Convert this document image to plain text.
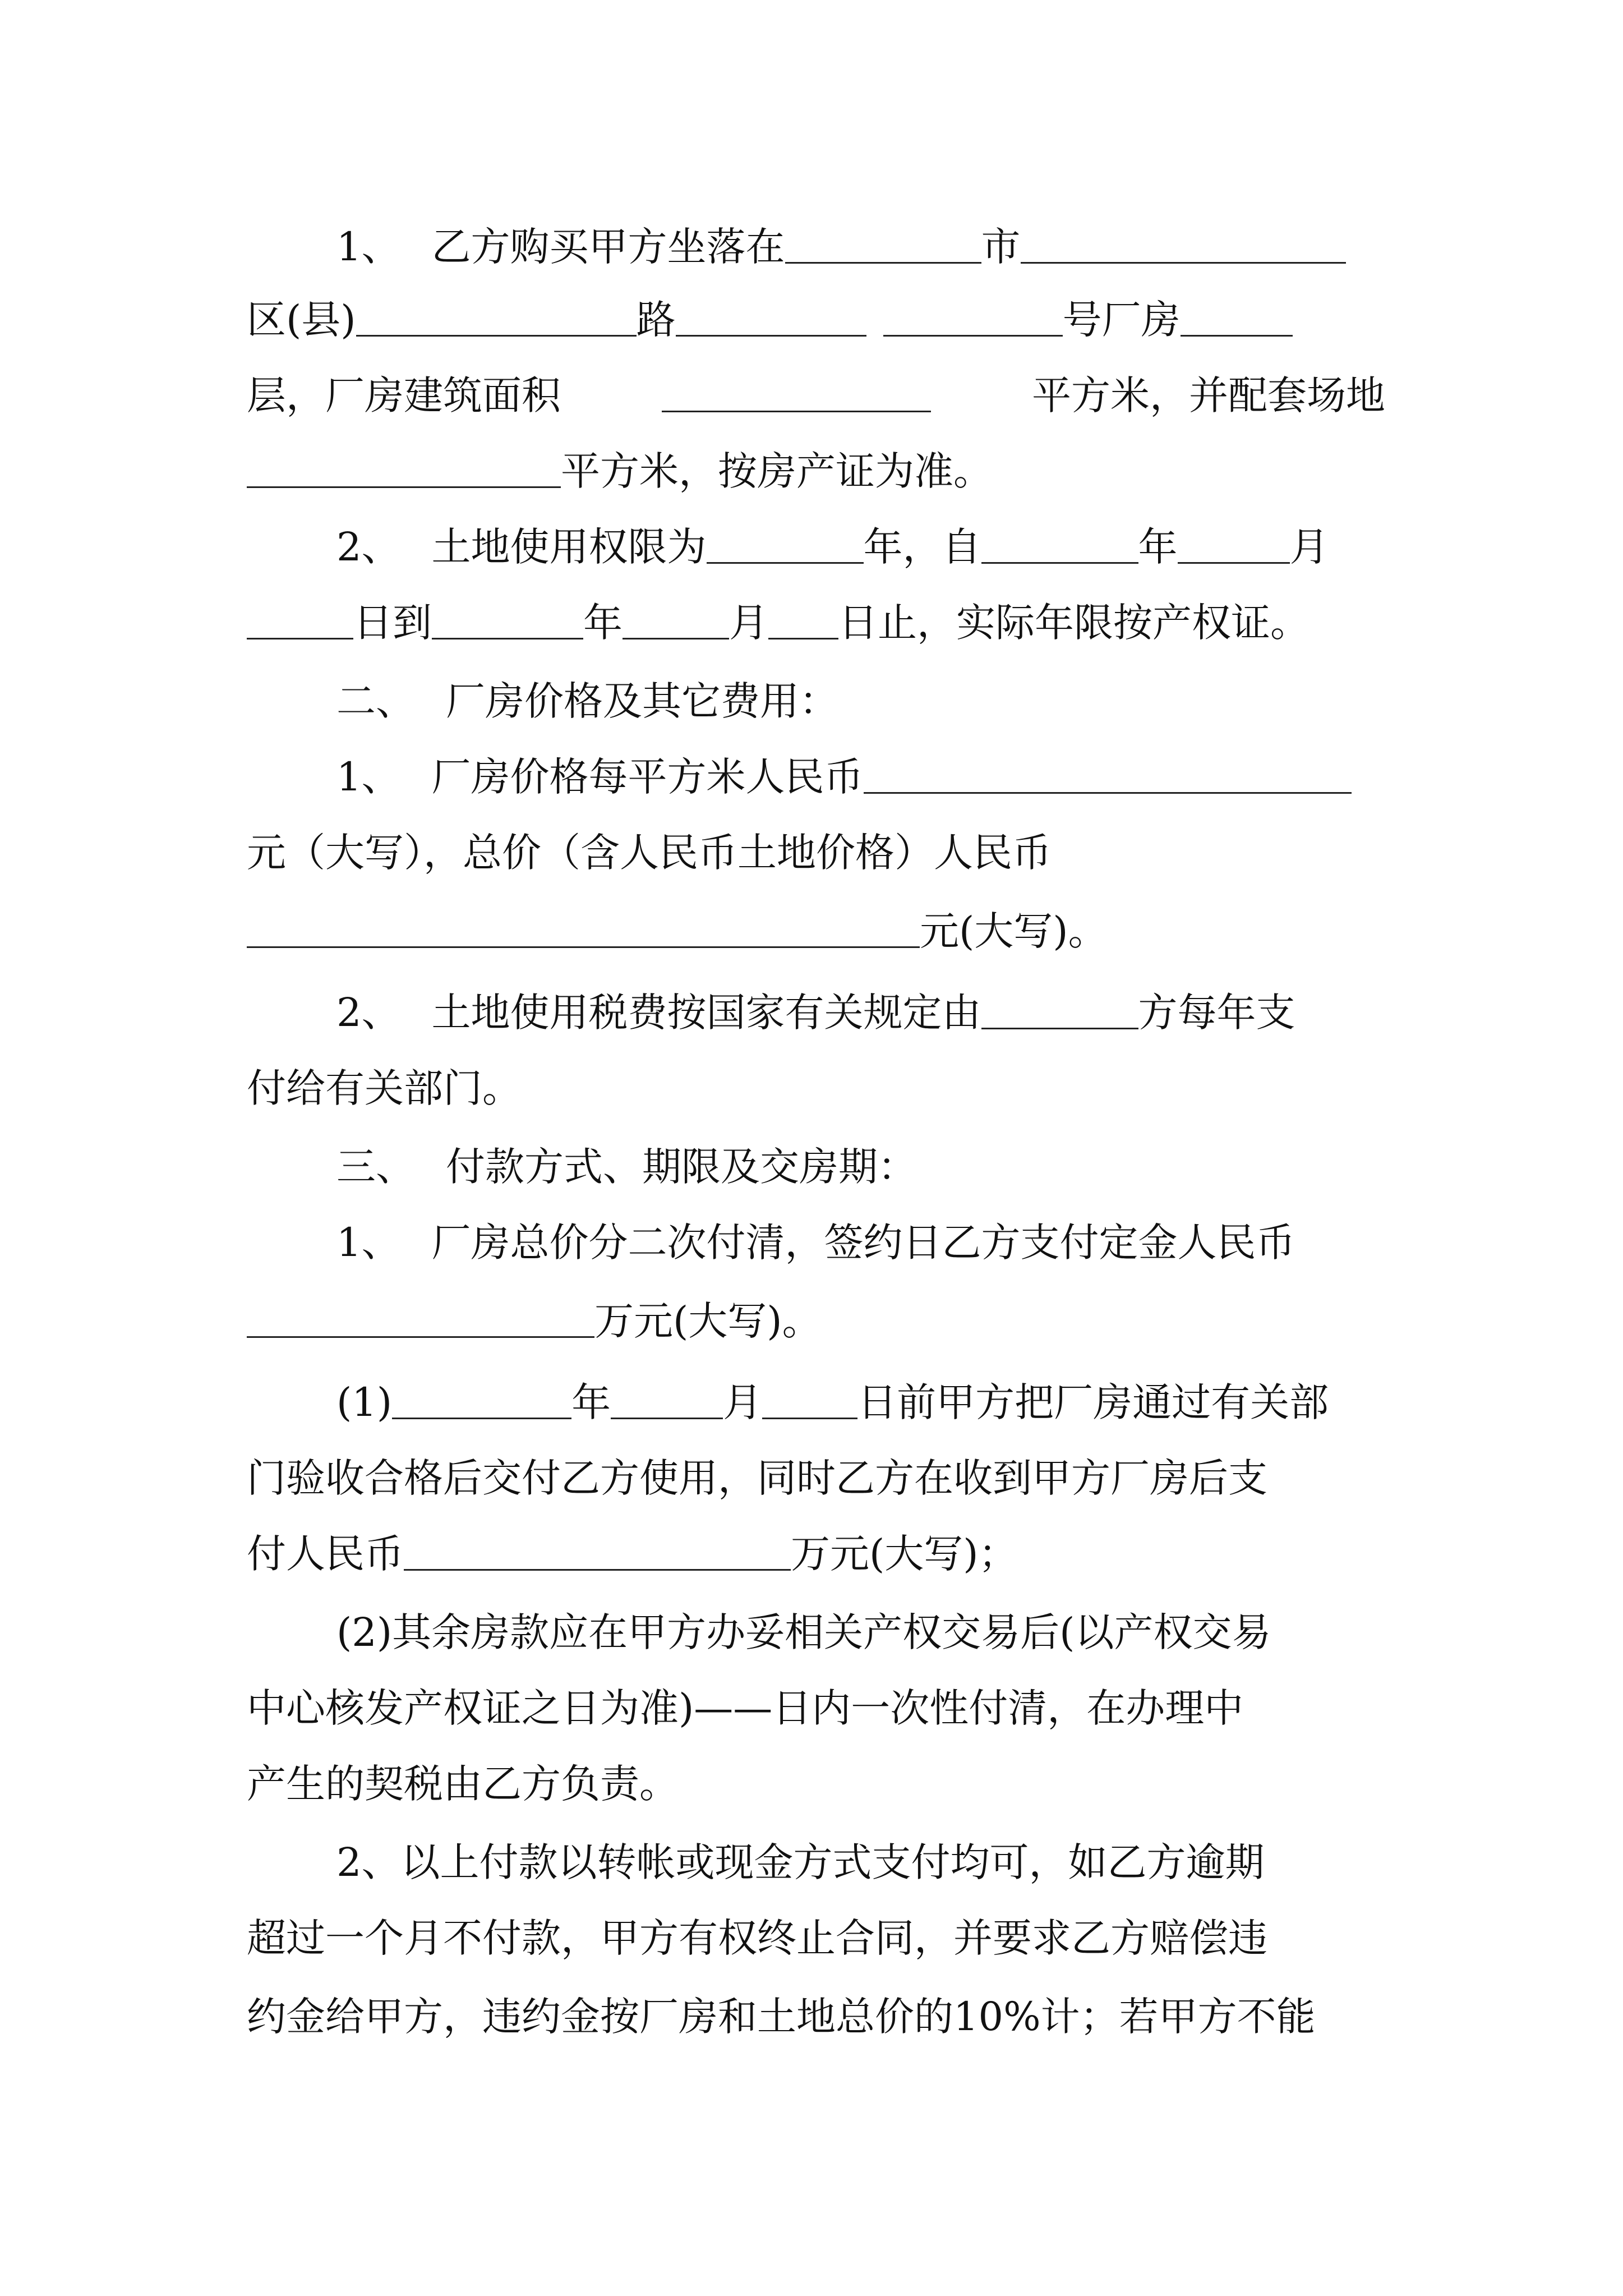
1、 乙方购买甲方坐落在	市
区(县)	路	号厂房
层，厂房建筑面积	平方米，并配套场地
平方米，按房产证为准。
2、 土地使用权限为	年，自	年	月
日到	年	月 日止，实际年限按产权证。
二、 厂房价格及其它费用：
1、 厂房价格每平方米人民币
元（大写），总价（含人民币土地价格）人民币
元(大写)。
2、 土地使用税费按国家有关规定由	方每年支
付给有关部门。
三、 付款方式、期限及交房期：
1、 厂房总价分二次付清，签约日乙方支付定金人民币
万元(大写)。
(1)	年	月 日前甲方把厂房通过有关部
门验收合格后交付乙方使用，同时乙方在收到甲方厂房后支
付人民币	万元(大写)；
(2)其余房款应在甲方办妥相关产权交易后(以产权交易
中心核发产权证之日为准)——日内一次性付清，在办理中
产生的契税由乙方负责。
2、以上付款以转帐或现金方式支付均可，如乙方逾期
超过一个月不付款，甲方有权终止合同，并要求乙方赔偿违
约金给甲方，违约金按厂房和土地总价的10%计；若甲方不能
